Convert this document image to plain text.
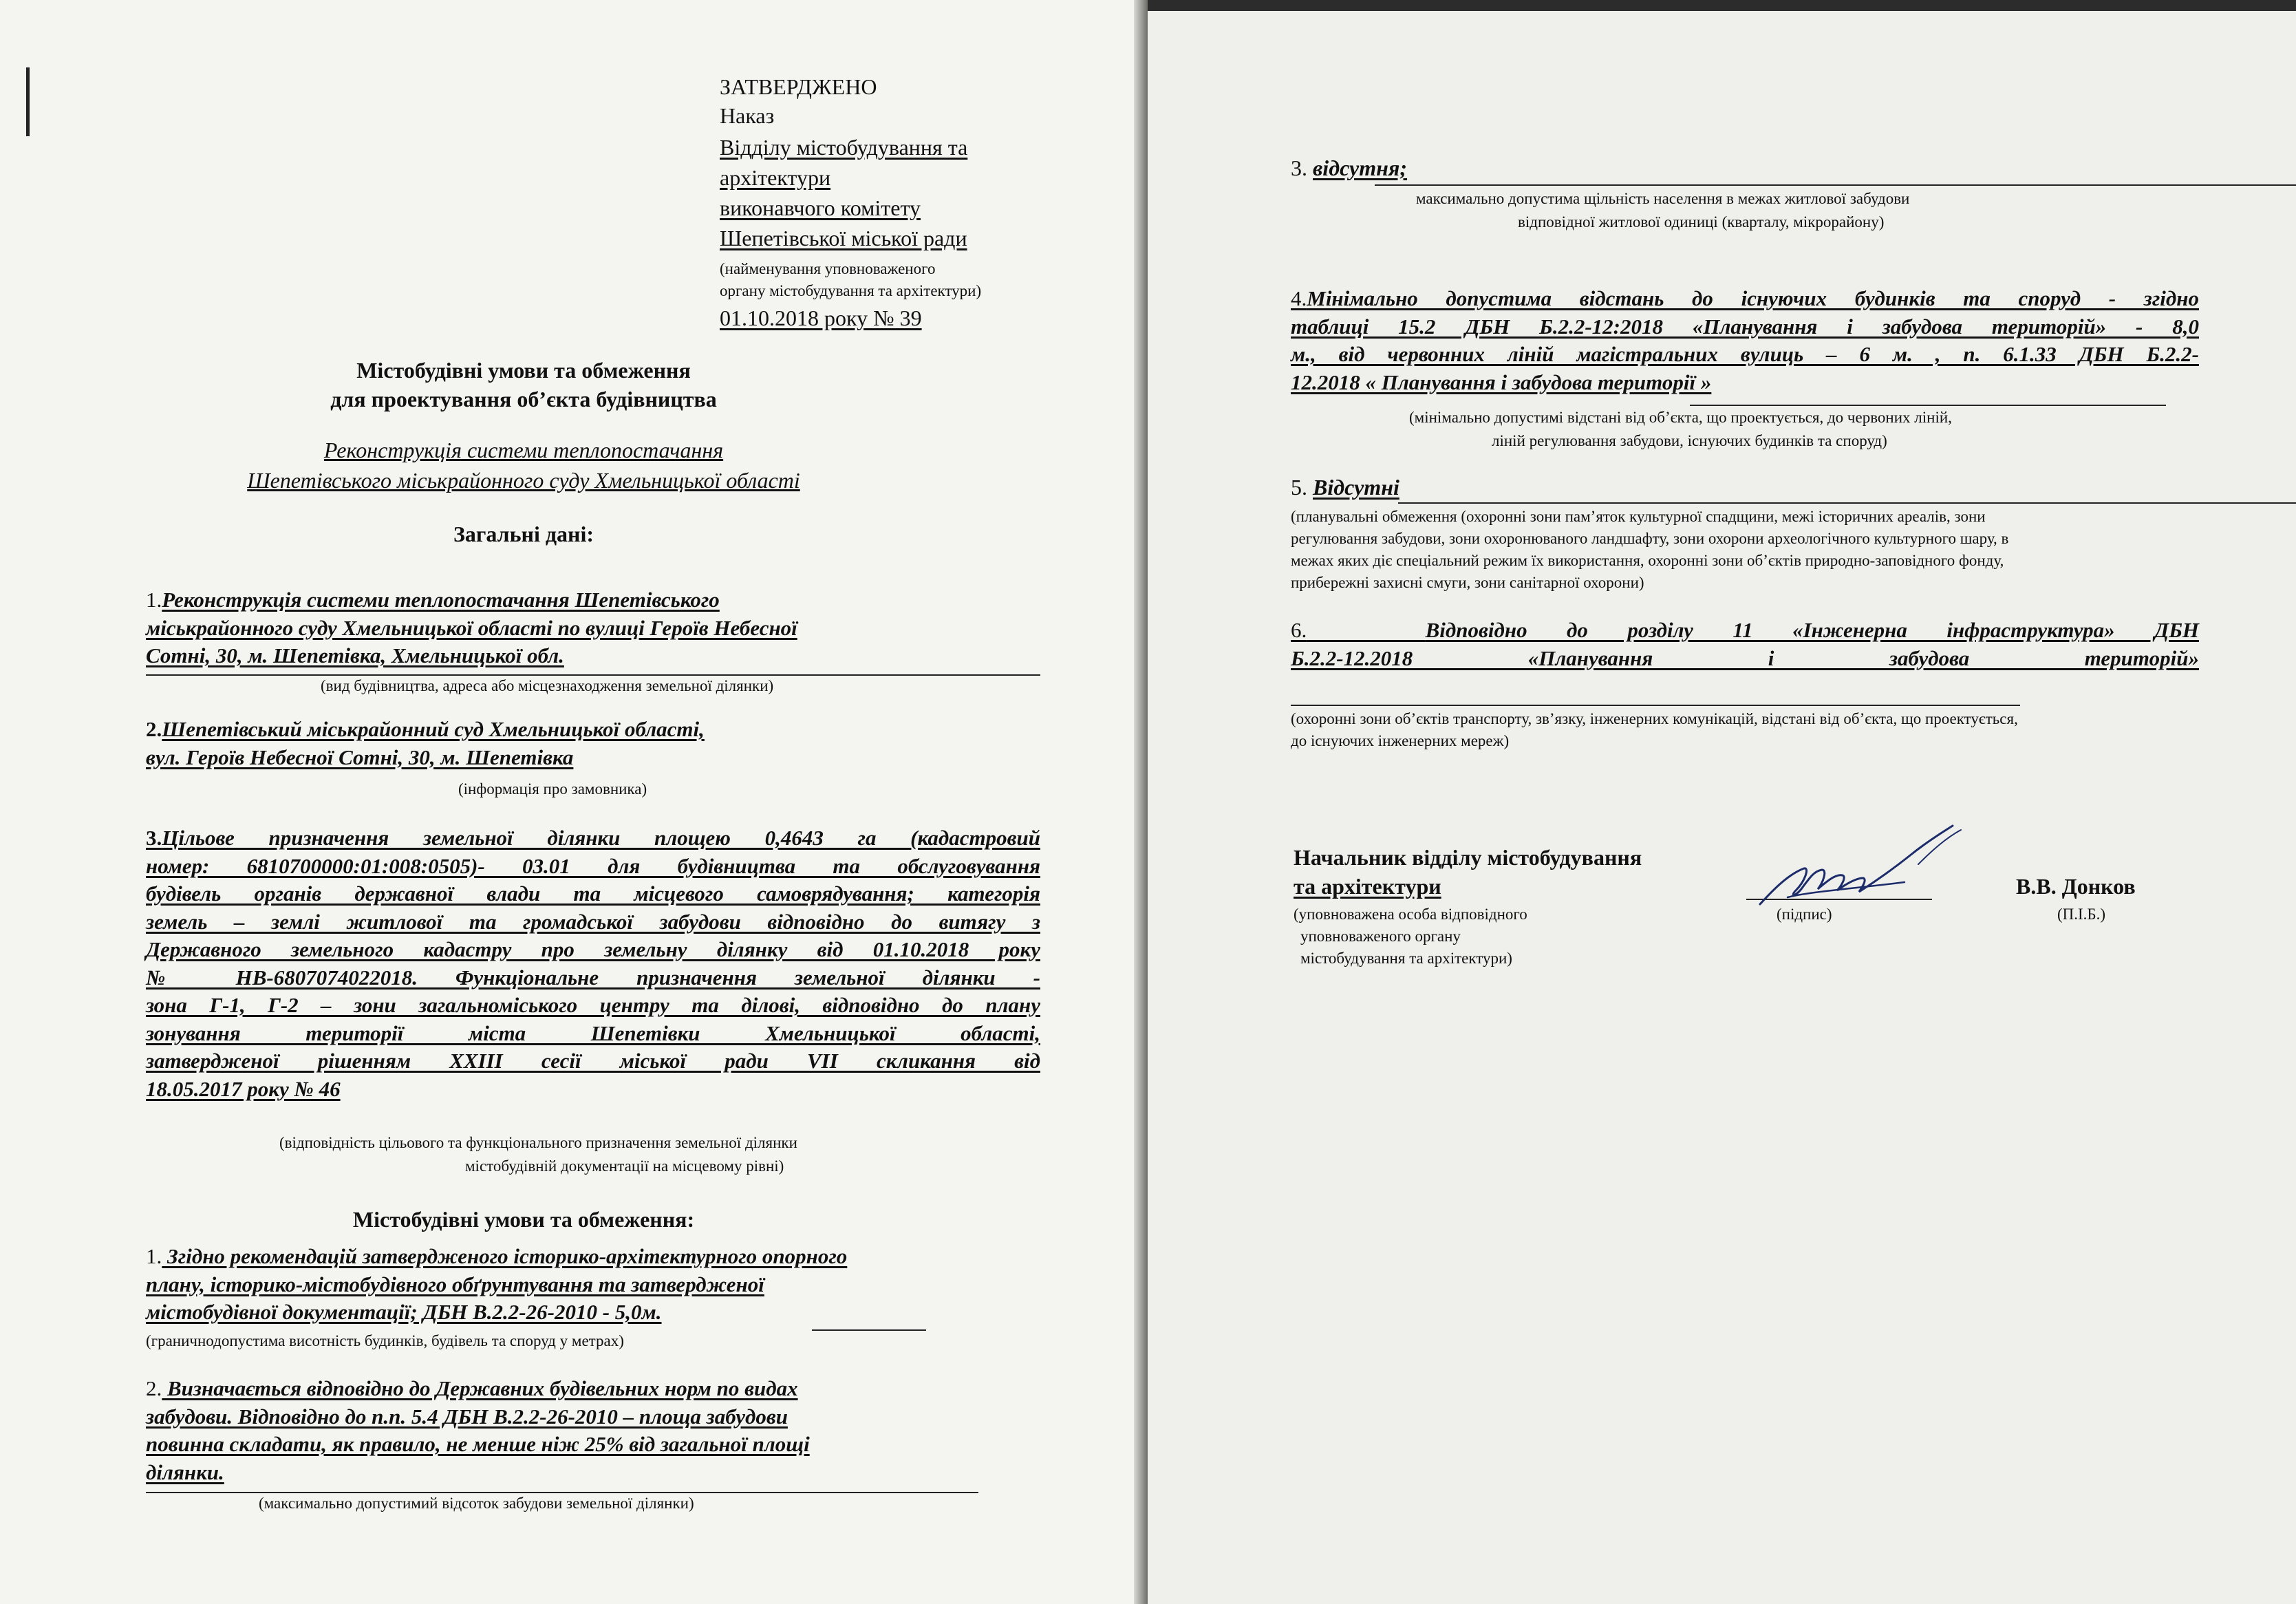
ЗАТВЕРДЖЕНО
Наказ
Відділу містобудування та
архітектури
виконавчого комітету
Шепетівської міської ради
(найменування уповноваженого
органу містобудування та архітектури)
01.10.2018 року № 39
Містобудівні умови та обмеження
для проектування об’єкта будівництва
Реконструкція системи теплопостачання
Шепетівського міськрайонного суду Хмельницької області
Загальні дані:
1.Реконструкція системи теплопостачання Шепетівського
міськрайонного суду Хмельницької області по вулиці Героїв Небесної
Сотні, 30, м. Шепетівка, Хмельницької обл.
(вид будівництва, адреса або місцезнаходження земельної ділянки)
2.Шепетівський міськрайонний суд Хмельницької області,
вул. Героїв Небесної Сотні, 30, м. Шепетівка
(інформація про замовника)
3.Цільове призначення земельної ділянки площею 0,4643 га (кадастровий
номер: 6810700000:01:008:0505)- 03.01 для будівництва та обслуговування
будівель органів державної влади та місцевого самоврядування; категорія
земель – землі житлової та громадської забудови відповідно до витягу з
Державного земельного кадастру про земельну ділянку від 01.10.2018 року
№ НВ-6807074022018. Функціональне призначення земельної ділянки -
зона Г-1, Г-2 – зони загальноміського центру та ділові, відповідно до плану
зонування території міста Шепетівки Хмельницької області,
затвердженої рішенням XXIII сесії міської ради VII скликання від
18.05.2017 року № 46
(відповідність цільового та функціонального призначення земельної ділянки
містобудівній документації на місцевому рівні)
Містобудівні умови та обмеження:
1. Згідно рекомендацій затвердженого історико-архітектурного опорного
плану, історико-містобудівного обґрунтування та затвердженої
містобудівної документації; ДБН В.2.2-26-2010 - 5,0м.
(граничнодопустима висотність будинків, будівель та споруд у метрах)
2. Визначається відповідно до Державних будівельних норм по видах
забудови. Відповідно до п.п. 5.4 ДБН В.2.2-26-2010 – площа забудови
повинна складати, як правило, не менше ніж 25% від загальної площі
ділянки.
(максимально допустимий відсоток забудови земельної ділянки)
3. відсутня;
максимально допустима щільність населення в межах житлової забудови
відповідної житлової одиниці (кварталу, мікрорайону)
4.Мінімально допустима відстань до існуючих будинків та споруд - згідно
таблиці 15.2 ДБН Б.2.2-12:2018 «Планування і забудова територій» - 8,0
м., від червонних ліній магістральних вулиць – 6 м. , п. 6.1.33 ДБН Б.2.2-
12.2018 « Планування і забудова території »
(мінімально допустимі відстані від об’єкта, що проектується, до червоних ліній,
ліній регулювання забудови, існуючих будинків та споруд)
5. Відсутні
(планувальні обмеження (охоронні зони пам’яток культурної спадщини, межі історичних ареалів, зони
регулювання забудови, зони охоронюваного ландшафту, зони охорони археологічного культурного шару, в
межах яких діє спеціальний режим їх використання, охоронні зони об’єктів природно-заповідного фонду,
прибережні захисні смуги, зони санітарної охорони)
6.	Відповідно до розділу 11 «Інженерна інфраструктура» ДБН
Б.2.2-12.2018 «Планування і забудова територій»
(охоронні зони об’єктів транспорту, зв’язку, інженерних комунікацій, відстані від об’єкта, що проектується,
до існуючих інженерних мереж)
Начальник відділу містобудування
та архітектури	В.В. Донков
(уповноважена особа відповідного
уповноваженого органу
містобудування та архітектури)
(підпис)	(П.І.Б.)
